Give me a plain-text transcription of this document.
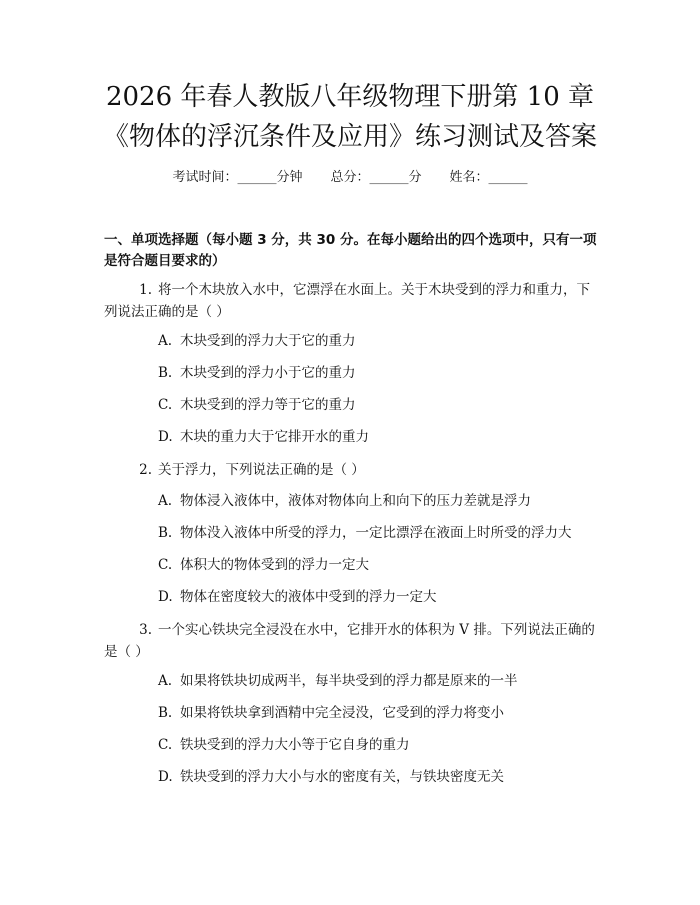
2026 年春人教版八年级物理下册第 10 章
《物体的浮沉条件及应用》练习测试及答案
考试时间：______分钟 总分：______分 姓名：______
一、单项选择题（每小题 3 分，共 30 分。在每小题给出的四个选项中，只有一项
是符合题目要求的）
1. 将一个木块放入水中，它漂浮在水面上。关于木块受到的浮力和重力，下
列说法正确的是（ ）
A. 木块受到的浮力大于它的重力
B. 木块受到的浮力小于它的重力
C. 木块受到的浮力等于它的重力
D. 木块的重力大于它排开水的重力
2. 关于浮力，下列说法正确的是（ ）
A. 物体浸入液体中，液体对物体向上和向下的压力差就是浮力
B. 物体没入液体中所受的浮力，一定比漂浮在液面上时所受的浮力大
C. 体积大的物体受到的浮力一定大
D. 物体在密度较大的液体中受到的浮力一定大
3. 一个实心铁块完全浸没在水中，它排开水的体积为 V 排。下列说法正确的
是（ ）
A. 如果将铁块切成两半，每半块受到的浮力都是原来的一半
B. 如果将铁块拿到酒精中完全浸没，它受到的浮力将变小
C. 铁块受到的浮力大小等于它自身的重力
D. 铁块受到的浮力大小与水的密度有关，与铁块密度无关
